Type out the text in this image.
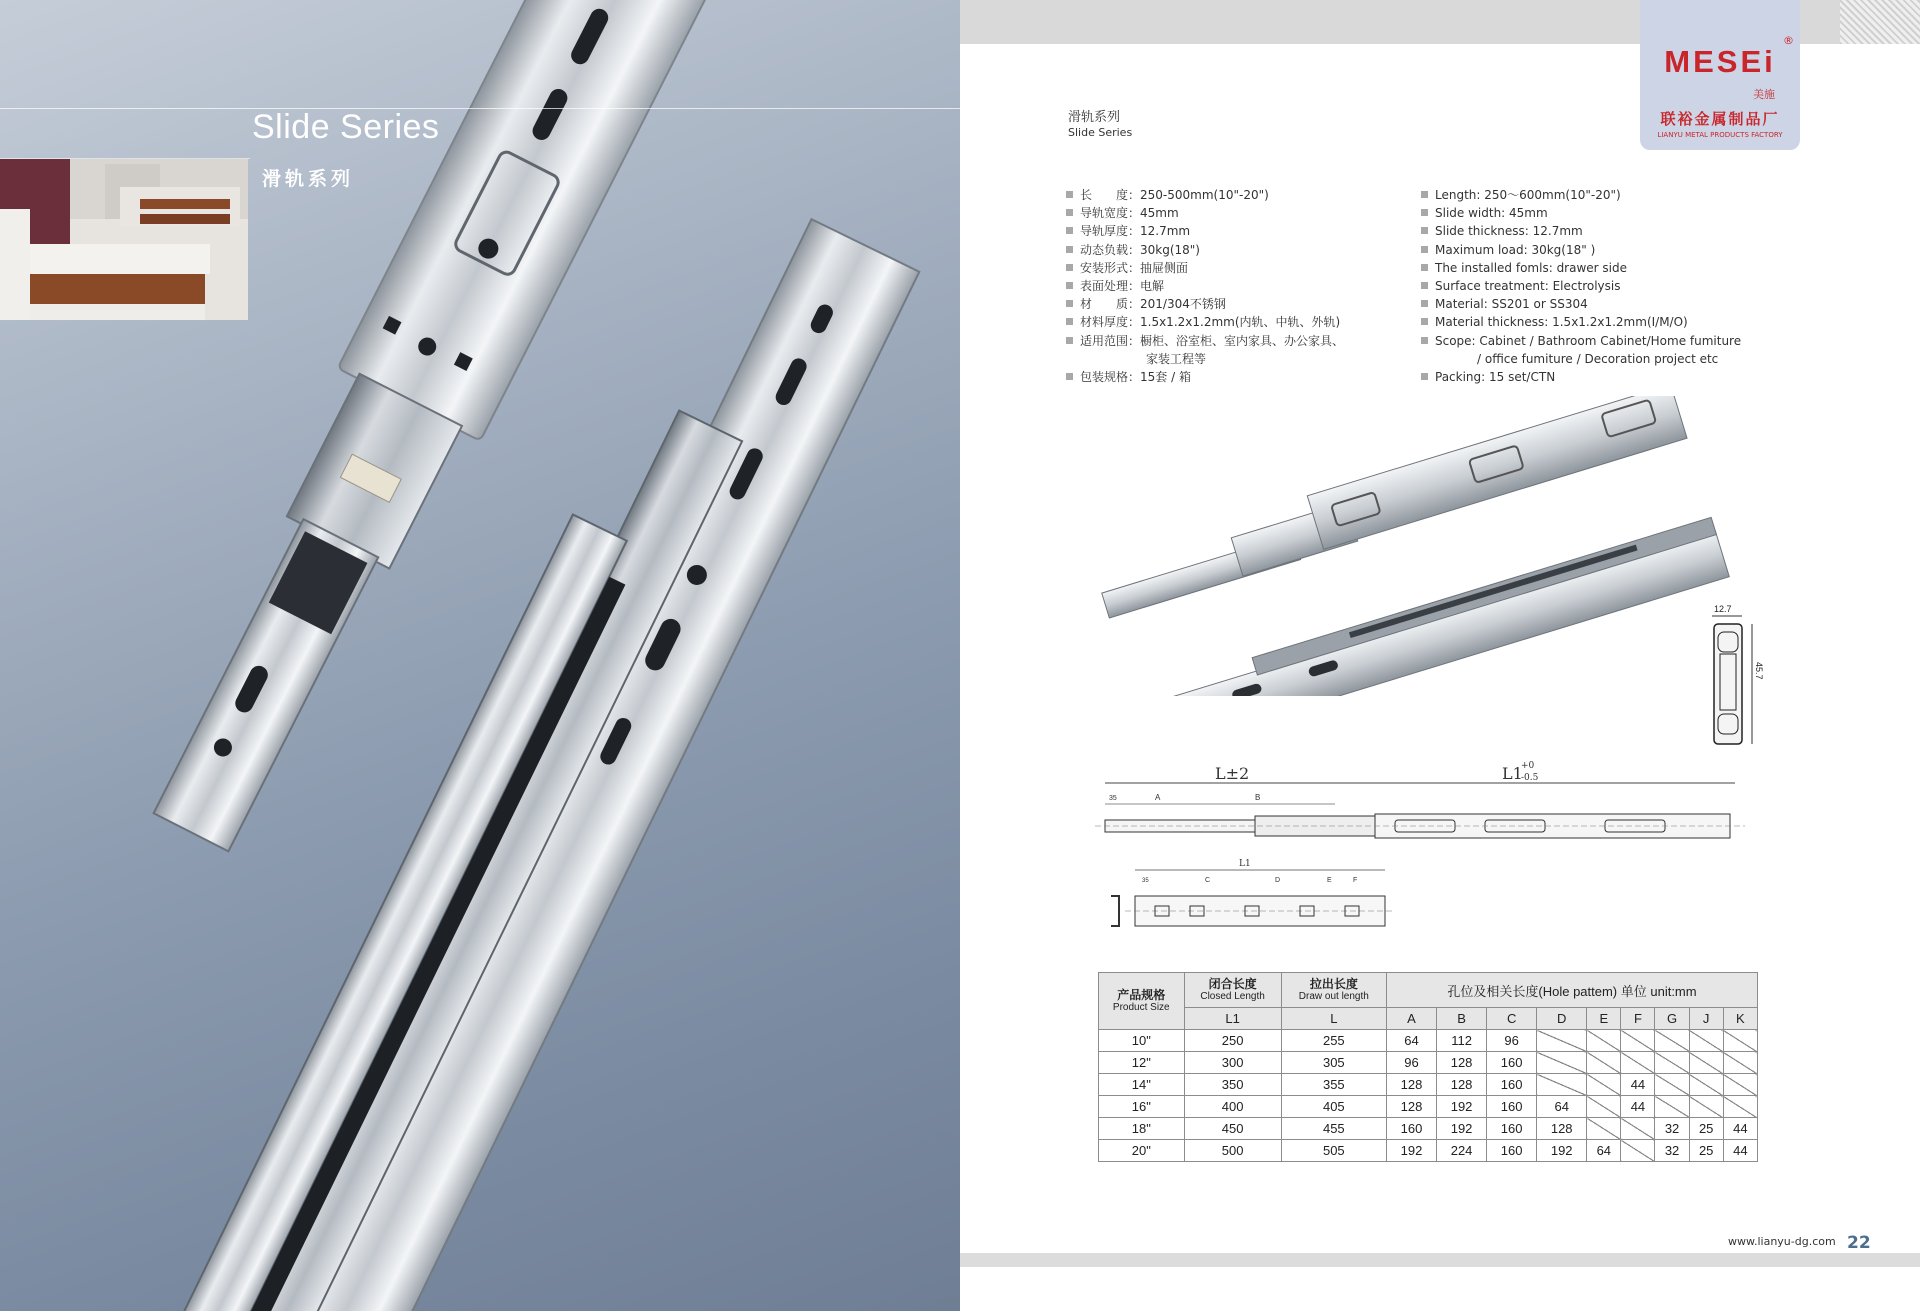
Slide Series
滑轨系列
MESEi
®
美施
联裕金属制品厂
LIANYU METAL PRODUCTS FACTORY
滑轨系列
Slide Series
长　　度：250-500mm(10"-20")
导轨宽度：45mm
导轨厚度：12.7mm
动态负载：30kg(18")
安装形式：抽屉侧面
表面处理：电解
材　　质：201/304不锈钢
材料厚度：1.5x1.2x1.2mm(内轨、中轨、外轨)
适用范围：橱柜、浴室柜、室内家具、办公家具、
家装工程等
包装规格：15套 / 箱
Length: 250～600mm(10"-20")
Slide width: 45mm
Slide thickness: 12.7mm
Maximum load: 30kg(18" )
The installed fomls: drawer side
Surface treatment: Electrolysis
Material: SS201 or SS304
Material thickness: 1.5x1.2x1.2mm(I/M/O)
Scope: Cabinet / Bathroom Cabinet/Home fumiture
/ office fumiture / Decoration project etc
Packing: 15 set/CTN
12.7
45.7
L±2	L1
+0
-0.5
35	A	B
L1
35	C	D	E	F
产品规格
Product Size	闭合长度
Closed Length	拉出长度
Draw out length	孔位及相关长度(Hole pattem) 单位 unit:mm								
	L1	L	A	B	C	D	E	F	G	J	K
10"	250	255	64	112	96						
12"	300	305	96	128	160						
14"	350	355	128	128	160			44			
16"	400	405	128	192	160	64		44			
18"	450	455	160	192	160	128			32	25	44
20"	500	505	192	224	160	192	64		32	25	44
www.lianyu-dg.com 22
